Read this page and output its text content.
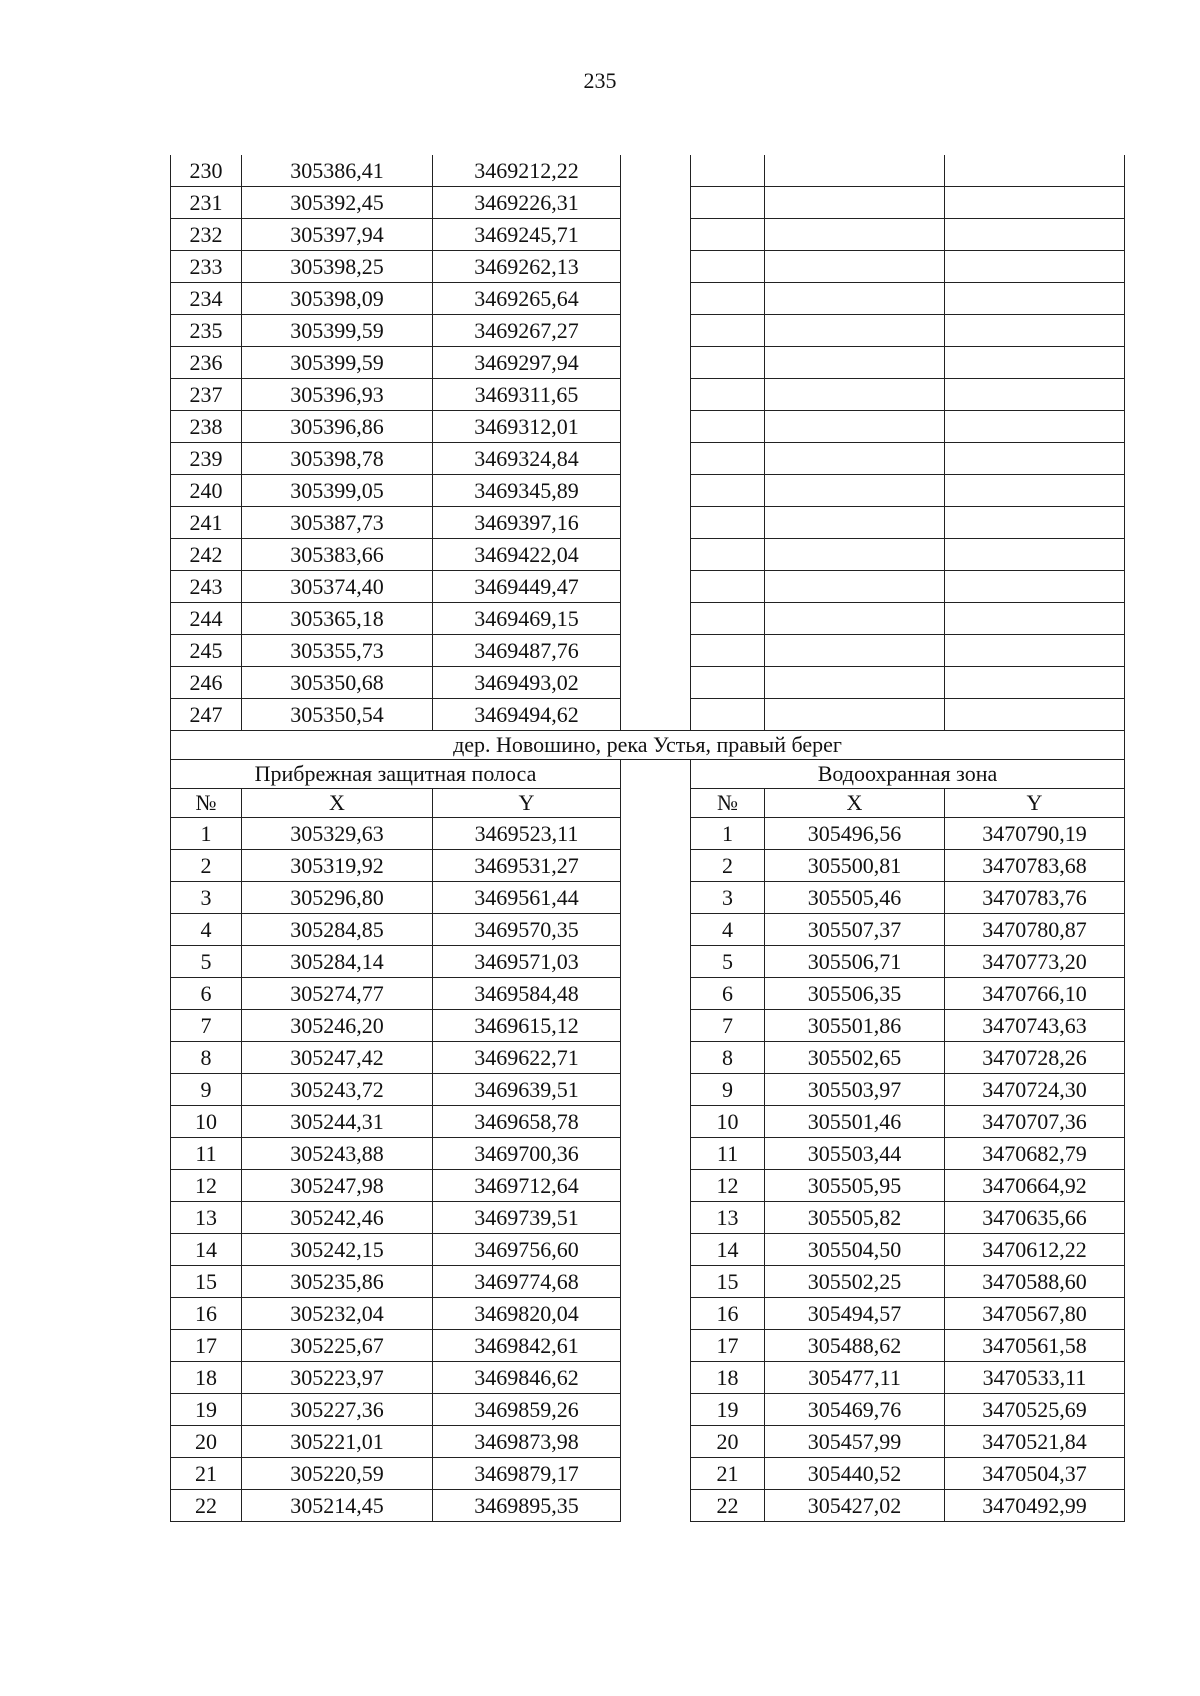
235
230	305386,41	3469212,22				
231	305392,45	3469226,31				
232	305397,94	3469245,71				
233	305398,25	3469262,13				
234	305398,09	3469265,64				
235	305399,59	3469267,27				
236	305399,59	3469297,94				
237	305396,93	3469311,65				
238	305396,86	3469312,01				
239	305398,78	3469324,84				
240	305399,05	3469345,89				
241	305387,73	3469397,16				
242	305383,66	3469422,04				
243	305374,40	3469449,47				
244	305365,18	3469469,15				
245	305355,73	3469487,76				
246	305350,68	3469493,02				
247	305350,54	3469494,62				
дер. Новошино, река Устья, правый берег						
Прибрежная защитная полоса				Водоохранная зона		
№	X	Y		№	X	Y
1	305329,63	3469523,11		1	305496,56	3470790,19
2	305319,92	3469531,27		2	305500,81	3470783,68
3	305296,80	3469561,44		3	305505,46	3470783,76
4	305284,85	3469570,35		4	305507,37	3470780,87
5	305284,14	3469571,03		5	305506,71	3470773,20
6	305274,77	3469584,48		6	305506,35	3470766,10
7	305246,20	3469615,12		7	305501,86	3470743,63
8	305247,42	3469622,71		8	305502,65	3470728,26
9	305243,72	3469639,51		9	305503,97	3470724,30
10	305244,31	3469658,78		10	305501,46	3470707,36
11	305243,88	3469700,36		11	305503,44	3470682,79
12	305247,98	3469712,64		12	305505,95	3470664,92
13	305242,46	3469739,51		13	305505,82	3470635,66
14	305242,15	3469756,60		14	305504,50	3470612,22
15	305235,86	3469774,68		15	305502,25	3470588,60
16	305232,04	3469820,04		16	305494,57	3470567,80
17	305225,67	3469842,61		17	305488,62	3470561,58
18	305223,97	3469846,62		18	305477,11	3470533,11
19	305227,36	3469859,26		19	305469,76	3470525,69
20	305221,01	3469873,98		20	305457,99	3470521,84
21	305220,59	3469879,17		21	305440,52	3470504,37
22	305214,45	3469895,35		22	305427,02	3470492,99
